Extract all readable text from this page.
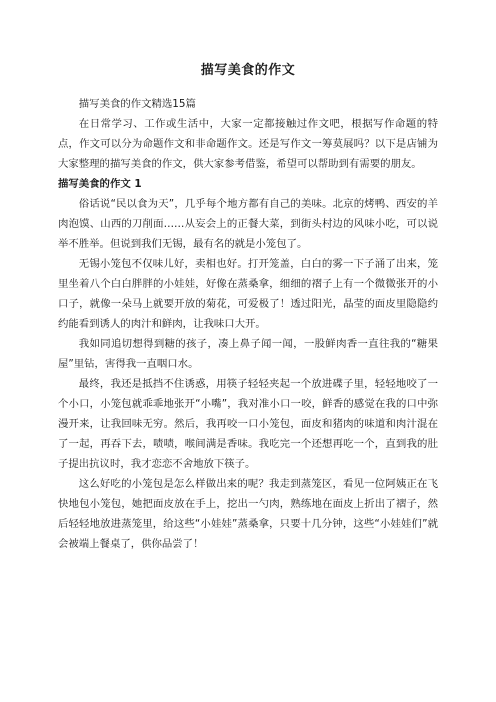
描写美食的作文

描写美食的作文精选15篇

在日常学习、工作或生活中，大家一定都接触过作文吧，根据写作命题的特点，作文可以分为命题作文和非命题作文。还是写作文一筹莫展吗？以下是店铺为大家整理的描写美食的作文，供大家参考借鉴，希望可以帮助到有需要的朋友。

描写美食的作文 1

俗话说“民以食为天”，几乎每个地方都有自己的美味。北京的烤鸭、西安的羊肉泡馍、山西的刀削面……从妄会上的正餐大菜，到街头村边的风味小吃，可以说举不胜举。但说到我们无锡，最有名的就是小笼包了。

无锡小笼包不仅味儿好，卖相也好。打开笼盖，白白的雾一下子涌了出来，笼里坐着八个白白胖胖的小娃娃，好像在蒸桑拿，细细的褶子上有一个微微张开的小口子，就像一朵马上就要开放的菊花，可爱极了！透过阳光，晶莹的面皮里隐隐约约能看到诱人的肉汁和鲜肉，让我味口大开。

我如同追切想得到糖的孩子，凑上鼻子闻一闻，一股鲜肉香一直往我的“糖果屋”里钻，害得我一直咽口水。

最终，我还是抵挡不住诱惑，用筷子轻轻夹起一个放进碟子里，轻轻地咬了一个小口，小笼包就乖乖地张开“小嘴”，我对准小口一咬，鲜香的感觉在我的口中弥漫开来，让我回味无穷。然后，我再咬一口小笼包，面皮和猪肉的味道和肉汁混在了一起，再吞下去，啧啧，喉间满是香味。我吃完一个还想再吃一个，直到我的肚子提出抗议时，我才恋恋不舍地放下筷子。

这么好吃的小笼包是怎么样做出来的呢？我走到蒸笼区，看见一位阿姨正在飞快地包小笼包，她把面皮放在手上，挖出一勺肉，熟练地在面皮上折出了褶子，然后轻轻地放进蒸笼里，给这些“小娃娃”蒸桑拿，只要十几分钟，这些“小娃娃们”就会被端上餐桌了，供你品尝了！
